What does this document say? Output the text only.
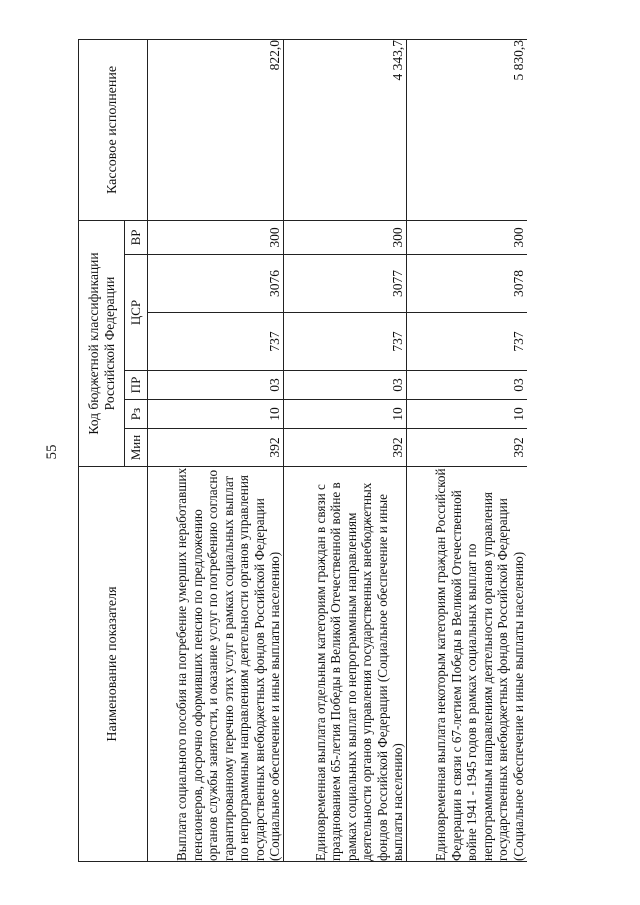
55
Наименование показателя	Код бюджетной классификации Российской Федерации						Кассовое исполнение
	Мин	Рз	ПР	ЦСР		ВР	
Выплата социального пособия на погребение умерших неработавших пенсионеров, досрочно оформивших пенсию по предложению органов службы занятости, и оказание услуг по погребению согласно гарантированному перечню этих услуг в рамках социальных выплат по непрограммным направлениям деятельности органов управления государственных внебюджетных фондов Российской Федерации (Социальное обеспечение и иные выплаты населению)	392	10	03	737	3076	300	822,0
Единовременная выплата отдельным категориям граждан в связи с празднованием 65-летия Победы в Великой Отечественной войне в рамках социальных выплат по непрограммным направлениям деятельности органов управления государственных внебюджетных фондов Российской Федерации (Социальное обеспечение и иные выплаты населению)	392	10	03	737	3077	300	4 343,7
Единовременная выплата некоторым категориям граждан Российской Федерации в связи с 67-летием Победы в Великой Отечественной войне 1941 - 1945 годов в рамках социальных выплат по непрограммным направлениям деятельности органов управления государственных внебюджетных фондов Российской Федерации (Социальное обеспечение и иные выплаты населению)	392	10	03	737	3078	300	5 830,3
